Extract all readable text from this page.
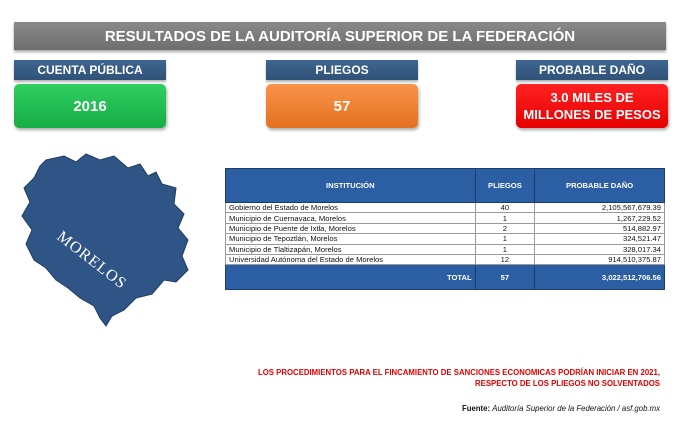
RESULTADOS DE LA AUDITORÍA SUPERIOR DE LA FEDERACIÓN
CUENTA PÚBLICA
2016
PLIEGOS
57
PROBABLE DAÑO
3.0 MILES DE
MILLONES DE PESOS
MORELOS
INSTITUCIÓN	PLIEGOS	PROBABLE DAÑO
Gobierno del Estado de Morelos	40	2,105,567,679.39
Municipio de Cuernavaca, Morelos	1	1,267,229.52
Municipio de Puente de Ixtla, Morelos	2	514,882.97
Municipio de Tepoztlán, Morelos	1	324,521.47
Municipio de Tlaltizapán, Morelos	1	328,017.34
Universidad Autónoma del Estado de Morelos	12	914,510,375.87
TOTAL	57	3,022,512,706.56
LOS PROCEDIMIENTOS PARA EL FINCAMIENTO DE SANCIONES ECONOMICAS PODRÍAN INICIAR EN 2021,
RESPECTO DE LOS PLIEGOS NO SOLVENTADOS
Fuente: Auditoría Superior de la Federación / asf.gob.mx
